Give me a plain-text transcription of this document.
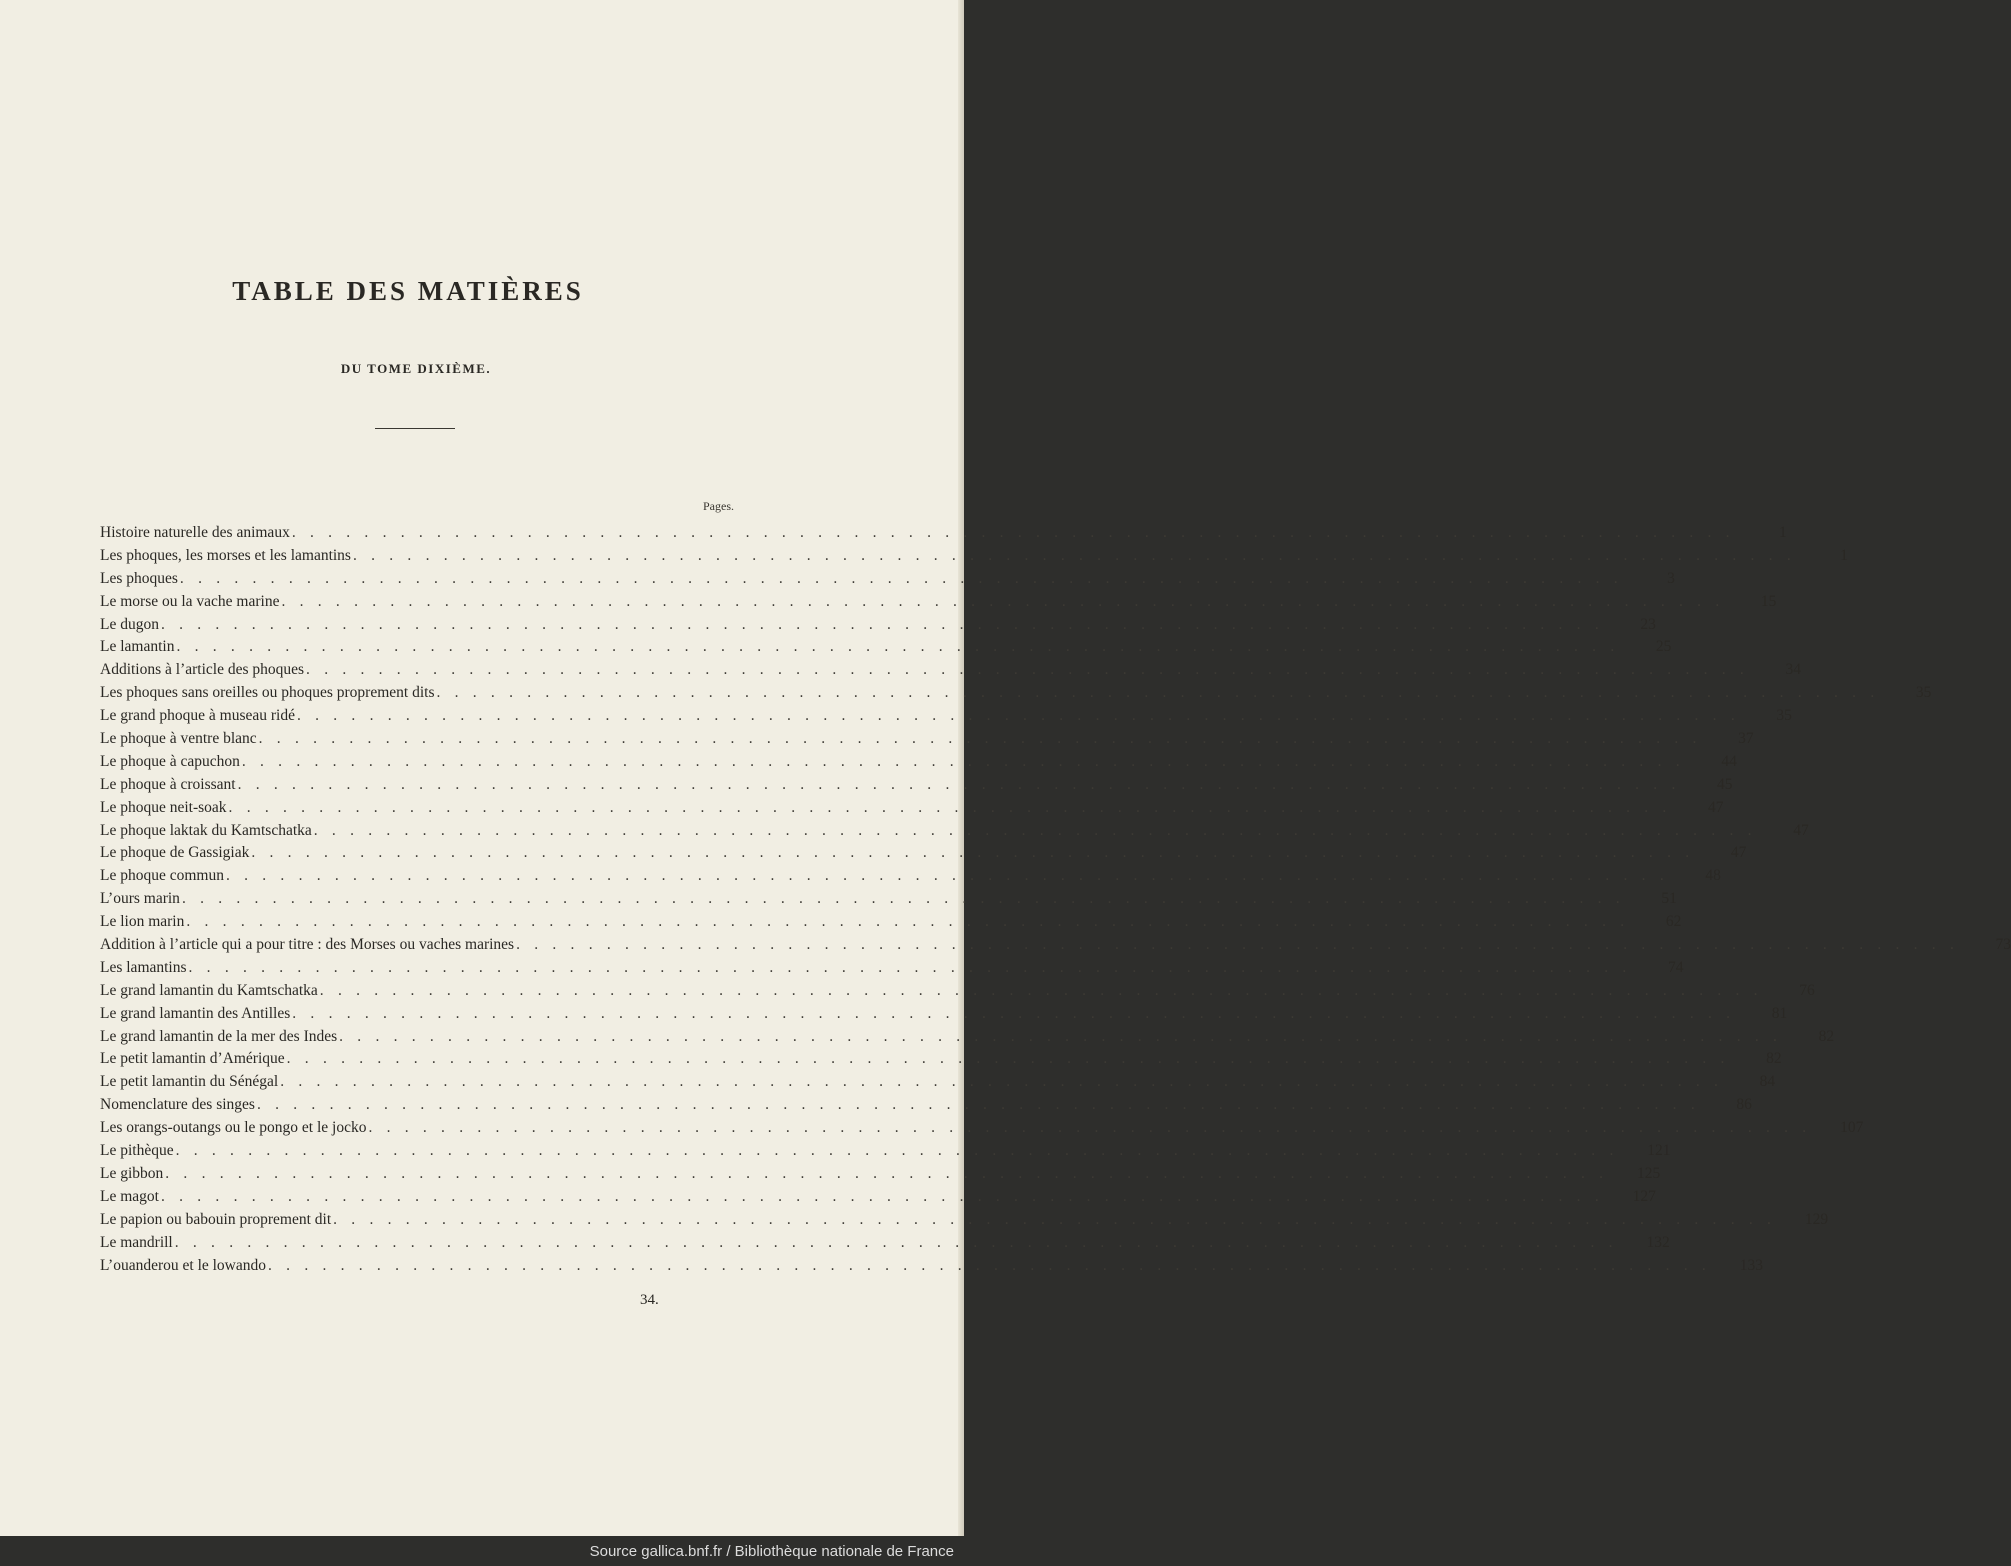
TABLE DES MATIÈRES
DU TOME DIXIÈME.
Pages.
Histoire naturelle des animaux . . . . . . . . . . . . . . . . . . . . . . . . . . . . . . . . . . . . . . . . . . . . . . . . . . . . . . . . . . . . . . . . . . . . . . . . . . . . . . . .	1
Les phoques, les morses et les lamantins . . . . . . . . . . . . . . . . . . . . . . . . . . . . . . . . . . . . . . . . . . . . . . . . . . . . . . . . . . . . . . . . . . . . . . . . . . . . . . . .	1
Les phoques . . . . . . . . . . . . . . . . . . . . . . . . . . . . . . . . . . . . . . . . . . . . . . . . . . . . . . . . . . . . . . . . . . . . . . . . . . . . . . . .	3
Le morse ou la vache marine . . . . . . . . . . . . . . . . . . . . . . . . . . . . . . . . . . . . . . . . . . . . . . . . . . . . . . . . . . . . . . . . . . . . . . . . . . . . . . . .	15
Le dugon . . . . . . . . . . . . . . . . . . . . . . . . . . . . . . . . . . . . . . . . . . . . . . . . . . . . . . . . . . . . . . . . . . . . . . . . . . . . . . . .	23
Le lamantin . . . . . . . . . . . . . . . . . . . . . . . . . . . . . . . . . . . . . . . . . . . . . . . . . . . . . . . . . . . . . . . . . . . . . . . . . . . . . . . .	25
Additions à l’article des phoques . . . . . . . . . . . . . . . . . . . . . . . . . . . . . . . . . . . . . . . . . . . . . . . . . . . . . . . . . . . . . . . . . . . . . . . . . . . . . . . .	34
Les phoques sans oreilles ou phoques proprement dits . . . . . . . . . . . . . . . . . . . . . . . . . . . . . . . . . . . . . . . . . . . . . . . . . . . . . . . . . . . . . . . . . . . . . . . . . . . . . . . .	35
Le grand phoque à museau ridé . . . . . . . . . . . . . . . . . . . . . . . . . . . . . . . . . . . . . . . . . . . . . . . . . . . . . . . . . . . . . . . . . . . . . . . . . . . . . . . .	35
Le phoque à ventre blanc . . . . . . . . . . . . . . . . . . . . . . . . . . . . . . . . . . . . . . . . . . . . . . . . . . . . . . . . . . . . . . . . . . . . . . . . . . . . . . . .	37
Le phoque à capuchon . . . . . . . . . . . . . . . . . . . . . . . . . . . . . . . . . . . . . . . . . . . . . . . . . . . . . . . . . . . . . . . . . . . . . . . . . . . . . . . .	44
Le phoque à croissant . . . . . . . . . . . . . . . . . . . . . . . . . . . . . . . . . . . . . . . . . . . . . . . . . . . . . . . . . . . . . . . . . . . . . . . . . . . . . . . .	45
Le phoque neit-soak . . . . . . . . . . . . . . . . . . . . . . . . . . . . . . . . . . . . . . . . . . . . . . . . . . . . . . . . . . . . . . . . . . . . . . . . . . . . . . . .	47
Le phoque laktak du Kamtschatka . . . . . . . . . . . . . . . . . . . . . . . . . . . . . . . . . . . . . . . . . . . . . . . . . . . . . . . . . . . . . . . . . . . . . . . . . . . . . . . .	47
Le phoque de Gassigiak . . . . . . . . . . . . . . . . . . . . . . . . . . . . . . . . . . . . . . . . . . . . . . . . . . . . . . . . . . . . . . . . . . . . . . . . . . . . . . . .	47
Le phoque commun . . . . . . . . . . . . . . . . . . . . . . . . . . . . . . . . . . . . . . . . . . . . . . . . . . . . . . . . . . . . . . . . . . . . . . . . . . . . . . . .	48
L’ours marin . . . . . . . . . . . . . . . . . . . . . . . . . . . . . . . . . . . . . . . . . . . . . . . . . . . . . . . . . . . . . . . . . . . . . . . . . . . . . . . .	51
Le lion marin . . . . . . . . . . . . . . . . . . . . . . . . . . . . . . . . . . . . . . . . . . . . . . . . . . . . . . . . . . . . . . . . . . . . . . . . . . . . . . . .	62
Addition à l’article qui a pour titre : des Morses ou vaches marines . . . . . . . . . . . . . . . . . . . . . . . . . . . . . . . . . . . . . . . . . . . . . . . . . . . . . . . . . . . . . . . . . . . . . . . . . . . . . . . .	73
Les lamantins . . . . . . . . . . . . . . . . . . . . . . . . . . . . . . . . . . . . . . . . . . . . . . . . . . . . . . . . . . . . . . . . . . . . . . . . . . . . . . . .	74
Le grand lamantin du Kamtschatka . . . . . . . . . . . . . . . . . . . . . . . . . . . . . . . . . . . . . . . . . . . . . . . . . . . . . . . . . . . . . . . . . . . . . . . . . . . . . . . .	76
Le grand lamantin des Antilles . . . . . . . . . . . . . . . . . . . . . . . . . . . . . . . . . . . . . . . . . . . . . . . . . . . . . . . . . . . . . . . . . . . . . . . . . . . . . . . .	81
Le grand lamantin de la mer des Indes . . . . . . . . . . . . . . . . . . . . . . . . . . . . . . . . . . . . . . . . . . . . . . . . . . . . . . . . . . . . . . . . . . . . . . . . . . . . . . . .	82
Le petit lamantin d’Amérique . . . . . . . . . . . . . . . . . . . . . . . . . . . . . . . . . . . . . . . . . . . . . . . . . . . . . . . . . . . . . . . . . . . . . . . . . . . . . . . .	82
Le petit lamantin du Sénégal . . . . . . . . . . . . . . . . . . . . . . . . . . . . . . . . . . . . . . . . . . . . . . . . . . . . . . . . . . . . . . . . . . . . . . . . . . . . . . . .	84
Nomenclature des singes . . . . . . . . . . . . . . . . . . . . . . . . . . . . . . . . . . . . . . . . . . . . . . . . . . . . . . . . . . . . . . . . . . . . . . . . . . . . . . . .	86
Les orangs-outangs ou le pongo et le jocko . . . . . . . . . . . . . . . . . . . . . . . . . . . . . . . . . . . . . . . . . . . . . . . . . . . . . . . . . . . . . . . . . . . . . . . . . . . . . . . .	107
Le pithèque . . . . . . . . . . . . . . . . . . . . . . . . . . . . . . . . . . . . . . . . . . . . . . . . . . . . . . . . . . . . . . . . . . . . . . . . . . . . . . . .	121
Le gibbon . . . . . . . . . . . . . . . . . . . . . . . . . . . . . . . . . . . . . . . . . . . . . . . . . . . . . . . . . . . . . . . . . . . . . . . . . . . . . . . .	125
Le magot . . . . . . . . . . . . . . . . . . . . . . . . . . . . . . . . . . . . . . . . . . . . . . . . . . . . . . . . . . . . . . . . . . . . . . . . . . . . . . . .	127
Le papion ou babouin proprement dit . . . . . . . . . . . . . . . . . . . . . . . . . . . . . . . . . . . . . . . . . . . . . . . . . . . . . . . . . . . . . . . . . . . . . . . . . . . . . . . .	129
Le mandrill . . . . . . . . . . . . . . . . . . . . . . . . . . . . . . . . . . . . . . . . . . . . . . . . . . . . . . . . . . . . . . . . . . . . . . . . . . . . . . . .	132
L’ouanderou et le lowando . . . . . . . . . . . . . . . . . . . . . . . . . . . . . . . . . . . . . . . . . . . . . . . . . . . . . . . . . . . . . . . . . . . . . . . . . . . . . . . .	133
34.
Source gallica.bnf.fr / Bibliothèque nationale de France
